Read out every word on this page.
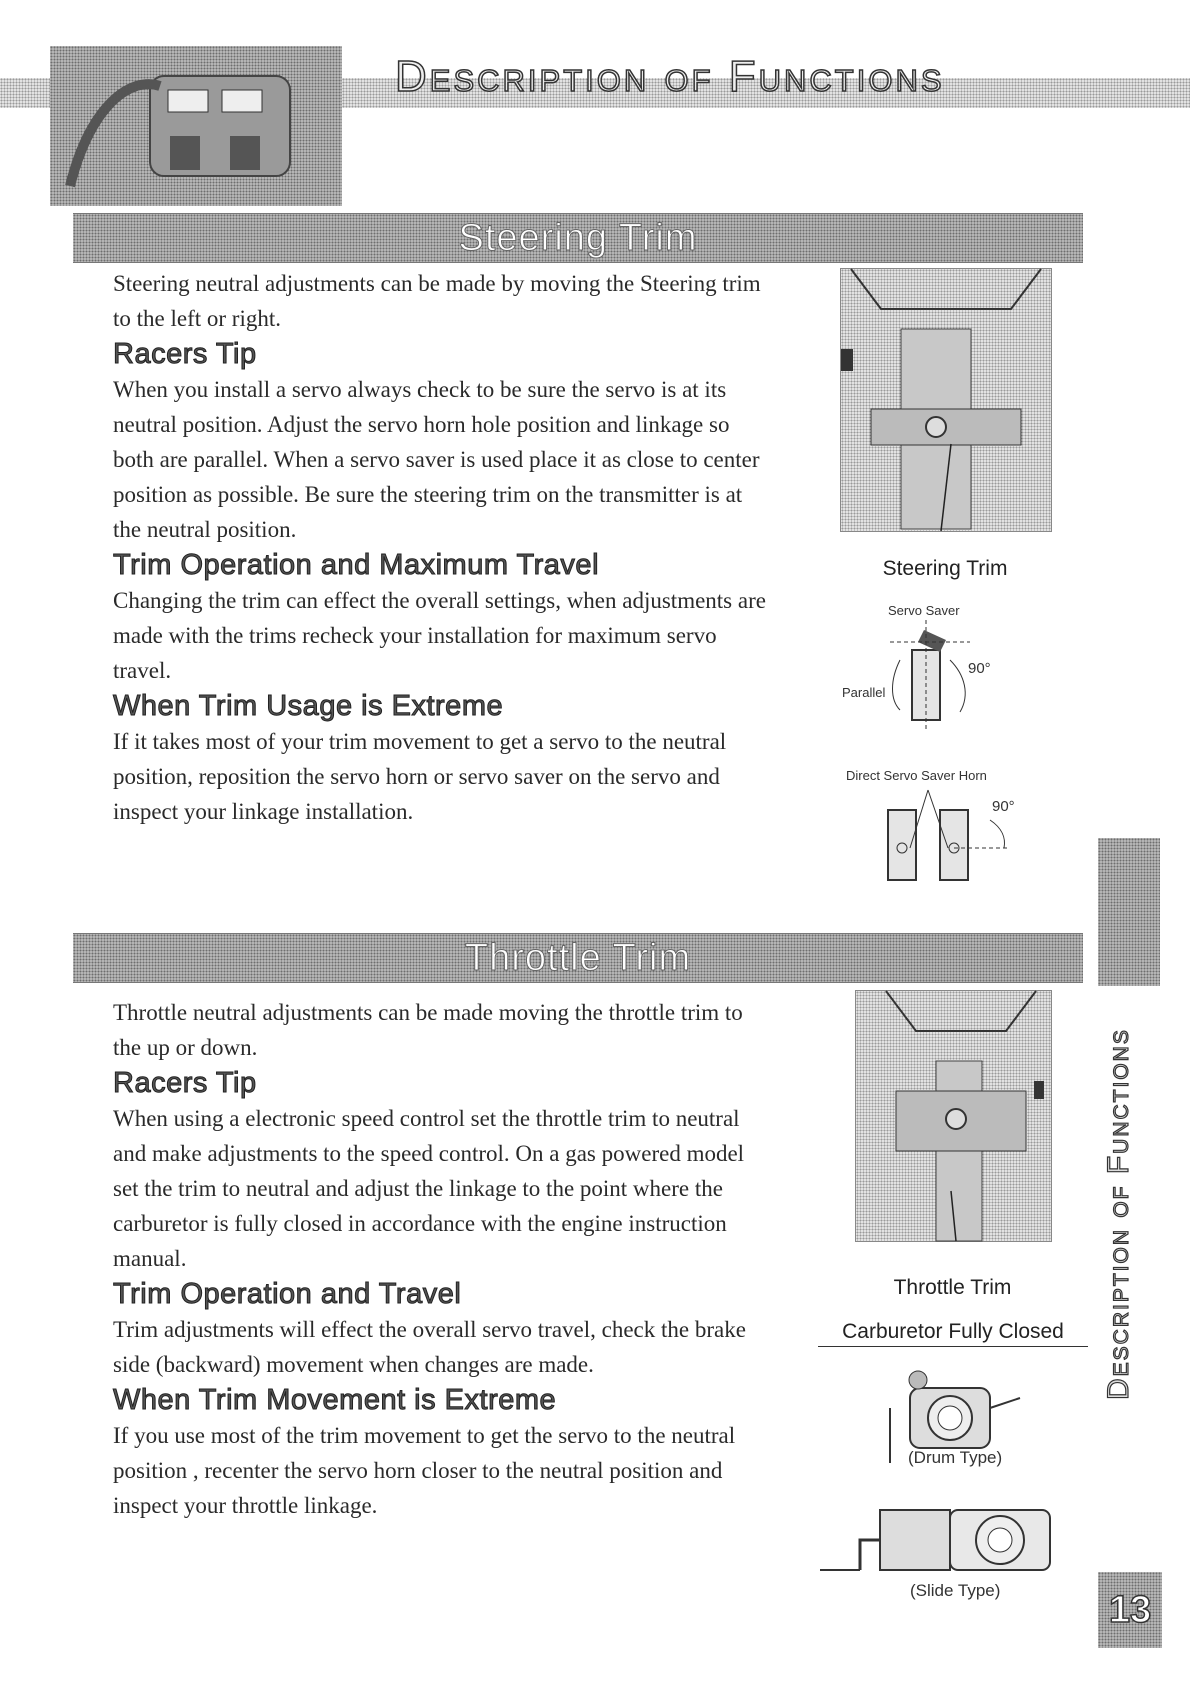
Description of Functions
Steering Trim

Steering neutral adjustments can be made by moving the Steering trim to the left or right.

Racers Tip

When you install a servo always check to be sure the servo is at its neutral position. Adjust the servo horn hole position and linkage so both are parallel. When a servo saver is used place it as close to center position as possible. Be sure the steering trim on the transmitter is at the neutral position.

Trim Operation and Maximum Travel

Changing the trim can effect the overall settings, when adjustments are made with the trims recheck your installation for maximum servo travel.

When Trim Usage is Extreme

If it takes most of your trim movement to get a servo to the neutral position, reposition the servo horn or servo saver on the servo and inspect your linkage installation.

Steering Trim
Servo Saver
Parallel
90°
Direct Servo Saver Horn
90°
Throttle Trim

Throttle neutral adjustments can be made moving the throttle trim to the up or down.

Racers Tip

When using a electronic speed control set the throttle trim to neutral and make adjustments to the speed control. On a gas powered model set the trim to neutral and adjust the linkage to the point where the carburetor is fully closed in accordance with the engine instruction manual.

Trim Operation and Travel

Trim adjustments will effect the overall servo travel, check the brake side (backward) movement when changes are made.

When Trim Movement is Extreme

If you use most of the trim movement to get the servo to the neutral position , recenter the servo horn closer to the neutral position and inspect your throttle linkage.

Throttle Trim
Carburetor Fully Closed
(Drum Type)
(Slide Type)
Description of Functions
13
